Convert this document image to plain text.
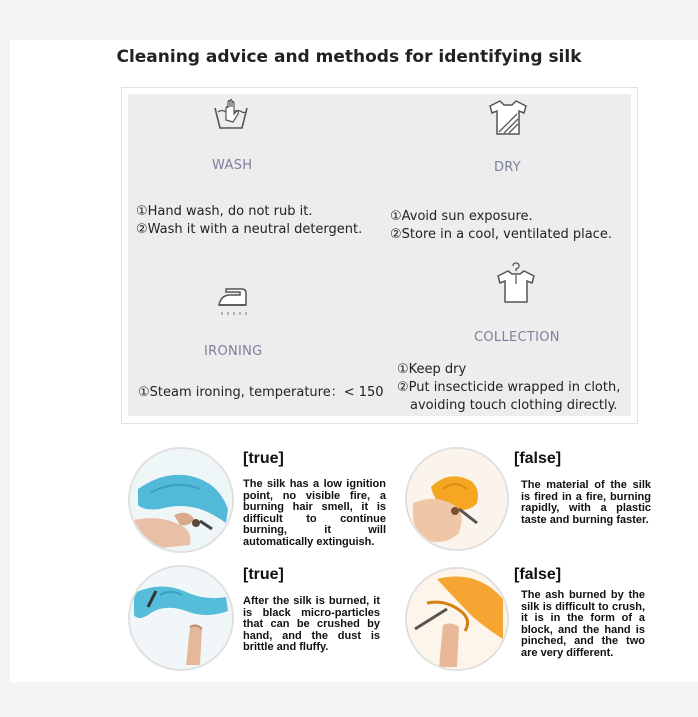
Cleaning advice and methods for identifying silk
WASH
①Hand wash, do not rub it.
②Wash it with a neutral detergent.
DRY
①Avoid sun exposure.
②Store in a cool, ventilated place.
IRONING
①Steam ironing, temperature：< 150
COLLECTION
①Keep dry
②Put insecticide wrapped in cloth,
avoiding touch clothing directly.
[true]
The silk has a low ignition point, no visible fire, a burning hair smell, it is difficult to continue burning, it will automatically extinguish.
[false]
The material of the silk is fired in a fire, burning rapidly, with a plastic taste and burning faster.
[true]
After the silk is burned, it is black micro-particles that can be crushed by hand, and the dust is brittle and fluffy.
[false]
The ash burned by the silk is difficult to crush, it is in the form of a block, and the hand is pinched, and the two are very different.
